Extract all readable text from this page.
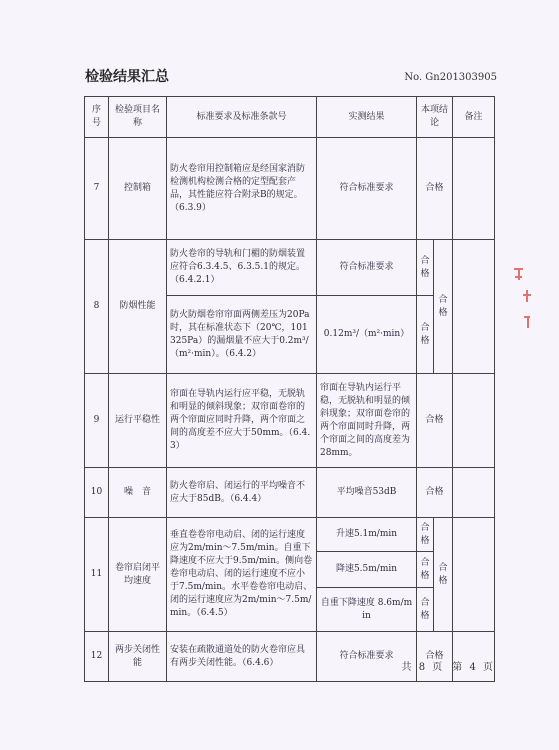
检验结果汇总	No. Gn201303905
序号	检验项目名称	标准要求及标准条款号	实测结果	本项结论		备注
7	控制箱	防火卷帘用控制箱应是经国家消防检测机构检测合格的定型配套产品，其性能应符合附录B的规定。（6.3.9）	符合标准要求	合格		
8	防烟性能	防火卷帘的导轨和门楣的防烟装置应符合6.3.4.5、6.3.5.1的规定。（6.4.2.1）	符合标准要求	合格	合格	
		防火防烟卷帘帘面两侧差压为20Pa时，其在标准状态下（20℃，101325Pa）的漏烟量不应大于0.2m³/（m²·min）。（6.4.2）	0.12m³/（m²·min）	合格		
9	运行平稳性	帘面在导轨内运行应平稳，无脱轨和明显的倾斜现象；双帘面卷帘的两个帘面应同时升降，两个帘面之间的高度差不应大于50mm。（6.4.3）	帘面在导轨内运行平稳，无脱轨和明显的倾斜现象；双帘面卷帘的两个帘面同时升降，两个帘面之间的高度差为28mm。	合格		
10	噪　音	防火卷帘启、闭运行的平均噪音不应大于85dB。（6.4.4）	平均噪音53dB	合格		
11	卷帘启闭平均速度	垂直卷卷帘电动启、闭的运行速度应为2m/min～7.5m/min。自重下降速度不应大于9.5m/min。侧向卷卷帘电动启、闭的运行速度不应小于7.5m/min。水平卷卷帘电动启、闭的运行速度应为2m/min～7.5m/min。（6.4.5）	升速5.1m/min	合格	合格	
			降速5.5m/min	合格		
			自重下降速度 8.6m/min	合格		
12	两步关闭性能	安装在疏散通道处的防火卷帘应具有两步关闭性能。（6.4.6）	符合标准要求	合格		
共 8 页　第 4 页
